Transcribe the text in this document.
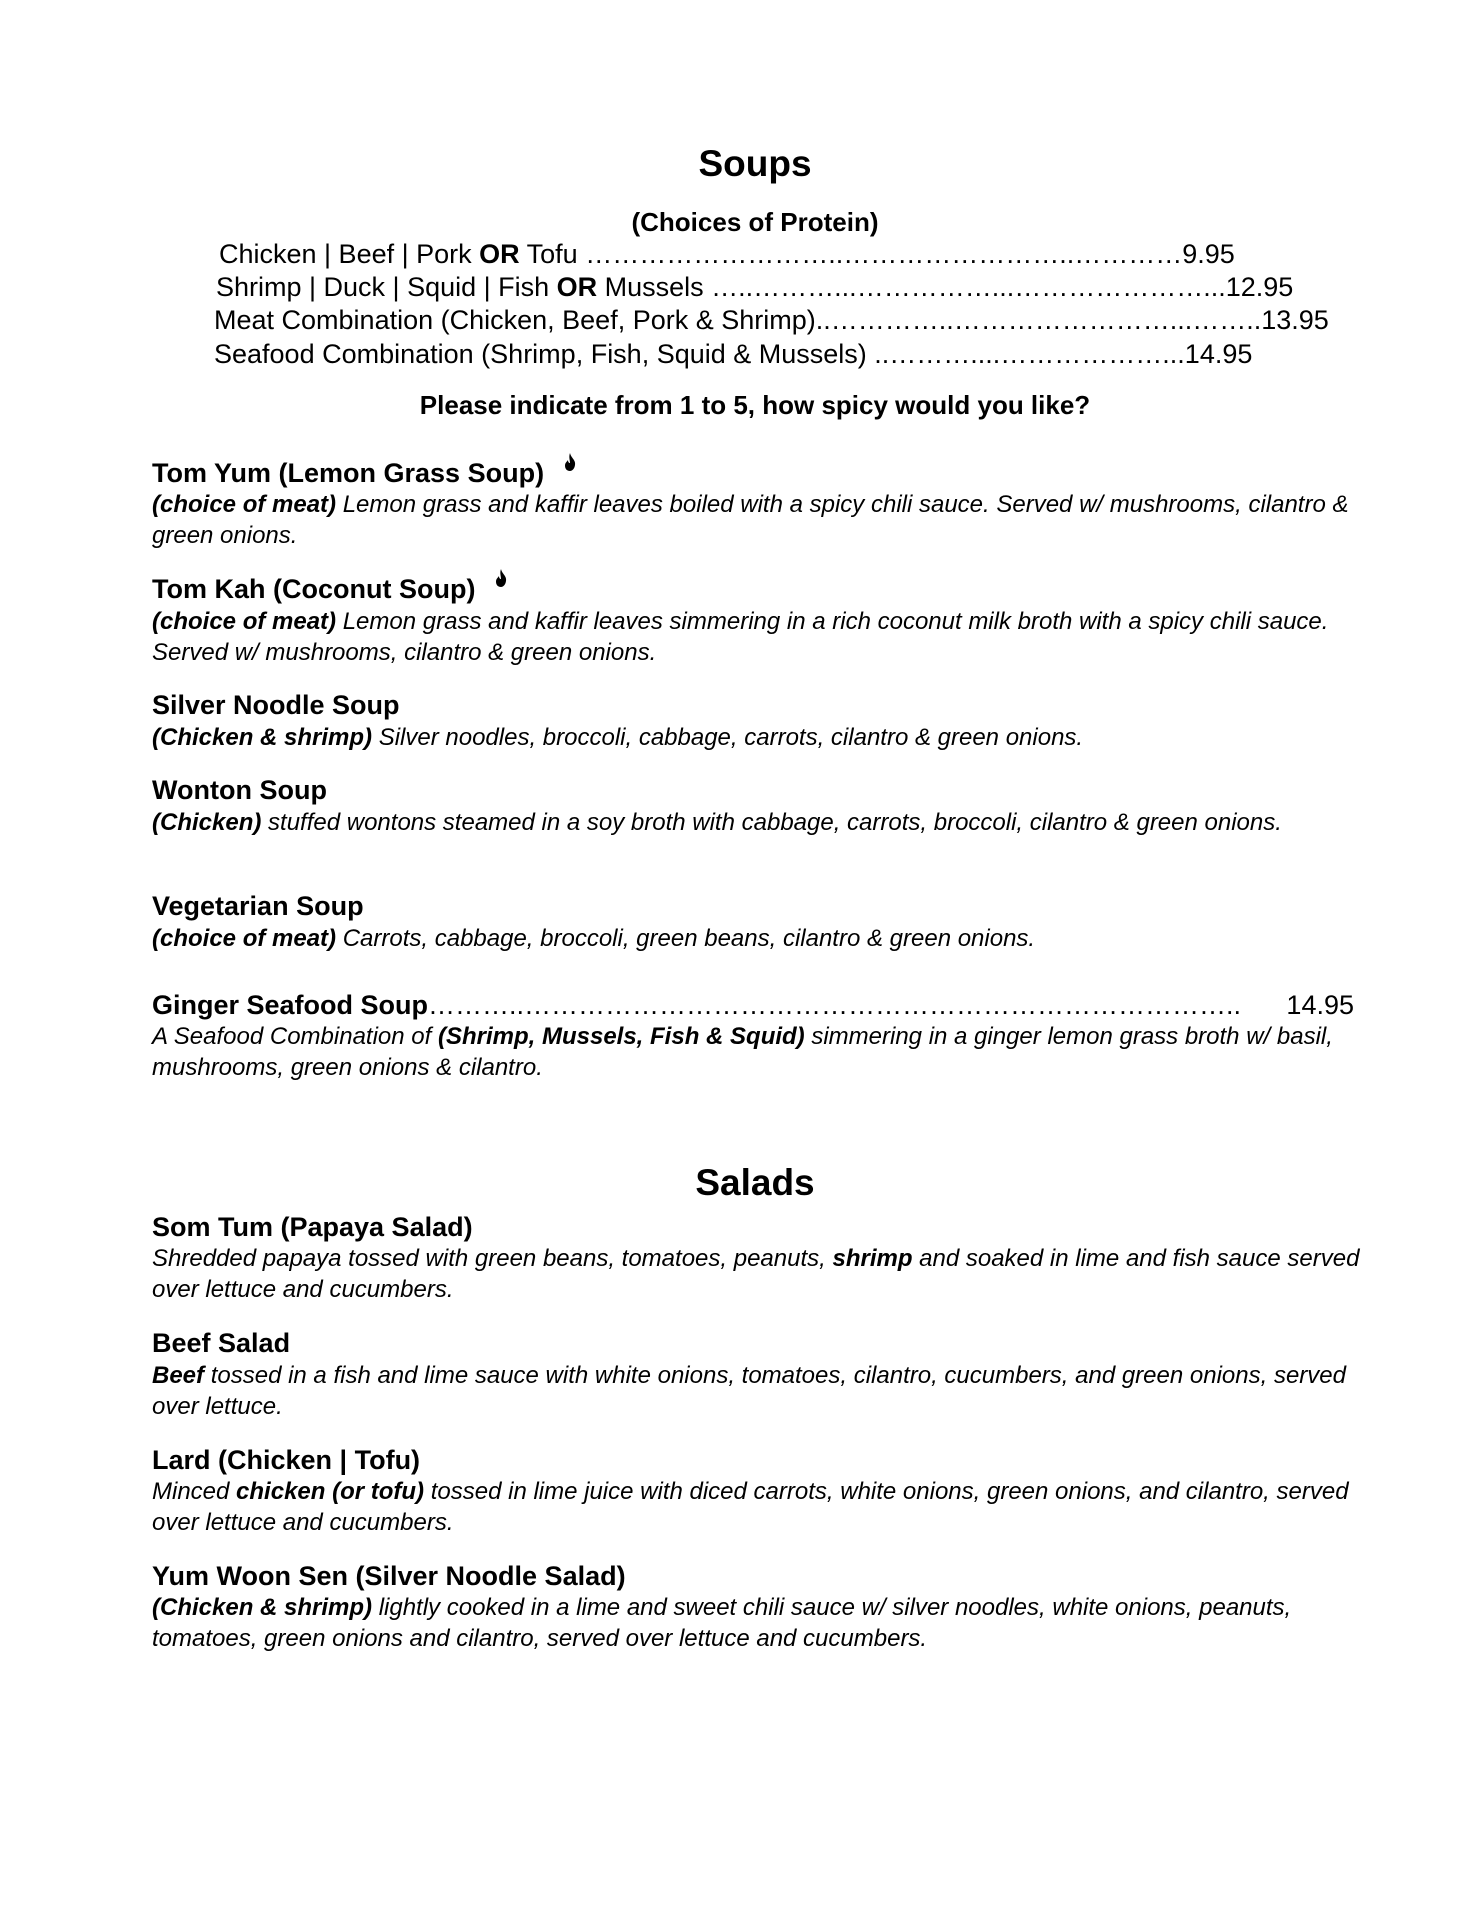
Soups
(Choices of Protein)
Chicken | Beef | Pork OR Tofu ………………………..……………………..…………9.95
Shrimp | Duck | Squid | Fish OR Mussels …..………...……………...…………………...12.95
Meat Combination (Chicken, Beef, Pork & Shrimp)..…………..……………………...……..13.95
Seafood Combination (Shrimp, Fish, Squid & Mussels) ..………....………………...14.95
Please indicate from 1 to 5, how spicy would you like?
Tom Yum (Lemon Grass Soup)
(choice of meat) Lemon grass and kaffir leaves boiled with a spicy chili sauce. Served w/ mushrooms, cilantro & green onions.
Tom Kah (Coconut Soup)
(choice of meat) Lemon grass and kaffir leaves simmering in a rich coconut milk broth with a spicy chili sauce. Served w/ mushrooms, cilantro & green onions.
Silver Noodle Soup
(Chicken & shrimp) Silver noodles, broccoli, cabbage, carrots, cilantro & green onions.
Wonton Soup
(Chicken) stuffed wontons steamed in a soy broth with cabbage, carrots, broccoli, cilantro & green onions.
Vegetarian Soup
(choice of meat) Carrots, cabbage, broccoli, green beans, cilantro & green onions.
Ginger Seafood Soup ………..……………………………………………………………………..	14.95
A Seafood Combination of (Shrimp, Mussels, Fish & Squid) simmering in a ginger lemon grass broth w/ basil, mushrooms, green onions & cilantro.
Salads
Som Tum (Papaya Salad)
Shredded papaya tossed with green beans, tomatoes, peanuts, shrimp and soaked in lime and fish sauce served over lettuce and cucumbers.
Beef Salad
Beef tossed in a fish and lime sauce with white onions, tomatoes, cilantro, cucumbers, and green onions, served over lettuce.
Lard (Chicken | Tofu)
Minced chicken (or tofu) tossed in lime juice with diced carrots, white onions, green onions, and cilantro, served over lettuce and cucumbers.
Yum Woon Sen (Silver Noodle Salad)
(Chicken & shrimp) lightly cooked in a lime and sweet chili sauce w/ silver noodles, white onions, peanuts, tomatoes, green onions and cilantro, served over lettuce and cucumbers.
